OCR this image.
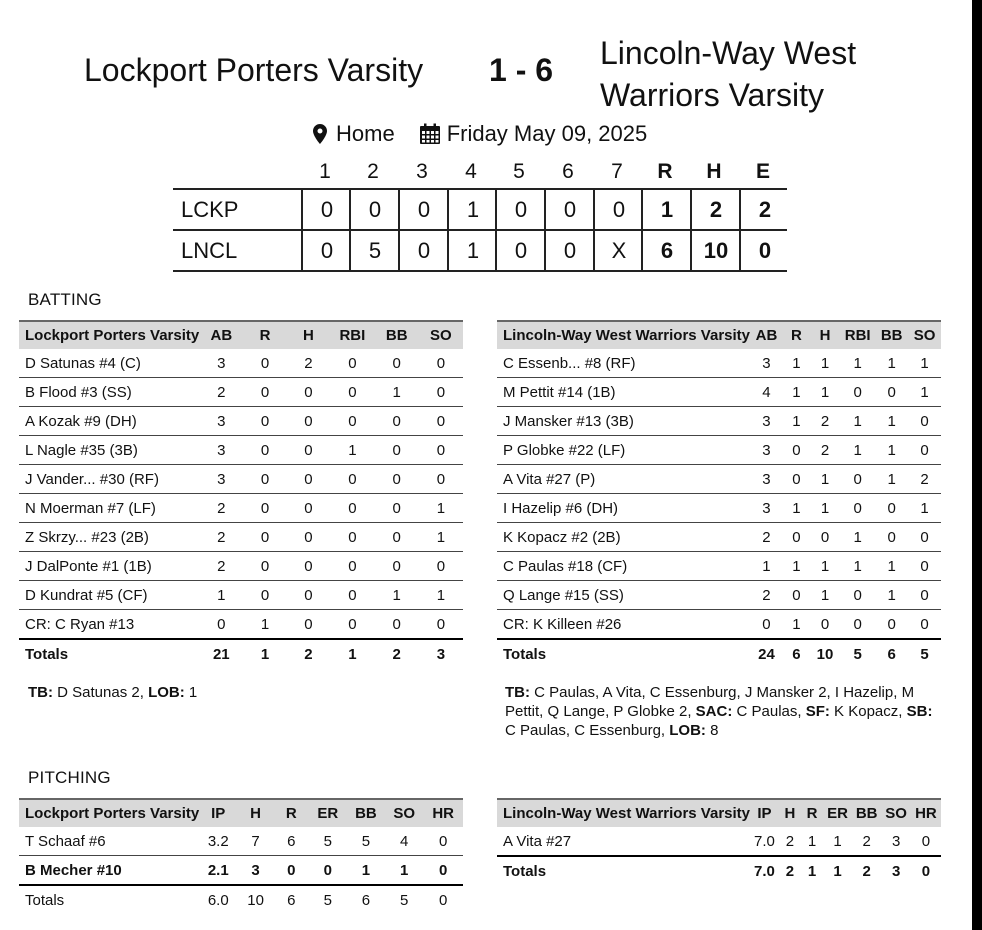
Lockport Porters Varsity 1 - 6 Lincoln-Way West Warriors Varsity
Home Friday May 09, 2025
1	2	3	4	5	6	7	R	H	E
LCKP	0	0	0	1	0	0	0	1	2	2
LNCL	0	5	0	1	0	0	X	6	10	0
BATTING
Lockport Porters Varsity	AB	R	H	RBI	BB	SO
D Satunas #4 (C)	3	0	2	0	0	0
B Flood #3 (SS)	2	0	0	0	1	0
A Kozak #9 (DH)	3	0	0	0	0	0
L Nagle #35 (3B)	3	0	0	1	0	0
J Vander... #30 (RF)	3	0	0	0	0	0
N Moerman #7 (LF)	2	0	0	0	0	1
Z Skrzy... #23 (2B)	2	0	0	0	0	1
J DalPonte #1 (1B)	2	0	0	0	0	0
D Kundrat #5 (CF)	1	0	0	0	1	1
CR: C Ryan #13	0	1	0	0	0	0
Totals	21	1	2	1	2	3
Lincoln-Way West Warriors Varsity	AB	R	H	RBI	BB	SO
C Essenb... #8 (RF)	3	1	1	1	1	1
M Pettit #14 (1B)	4	1	1	0	0	1
J Mansker #13 (3B)	3	1	2	1	1	0
P Globke #22 (LF)	3	0	2	1	1	0
A Vita #27 (P)	3	0	1	0	1	2
I Hazelip #6 (DH)	3	1	1	0	0	1
K Kopacz #2 (2B)	2	0	0	1	0	0
C Paulas #18 (CF)	1	1	1	1	1	0
Q Lange #15 (SS)	2	0	1	0	1	0
CR: K Killeen #26	0	1	0	0	0	0
Totals	24	6	10	5	6	5
TB: D Satunas 2, LOB: 1	TB: C Paulas, A Vita, C Essenburg, J Mansker 2, I Hazelip, M Pettit, Q Lange, P Globke 2, SAC: C Paulas, SF: K Kopacz, SB: C Paulas, C Essenburg, LOB: 8
PITCHING
Lockport Porters Varsity	IP	H	R	ER	BB	SO	HR
T Schaaf #6	3.2	7	6	5	5	4	0
B Mecher #10	2.1	3	0	0	1	1	0
Totals	6.0	10	6	5	6	5	0
Lincoln-Way West Warriors Varsity	IP	H	R	ER	BB	SO	HR
A Vita #27	7.0	2	1	1	2	3	0
Totals	7.0	2	1	1	2	3	0
